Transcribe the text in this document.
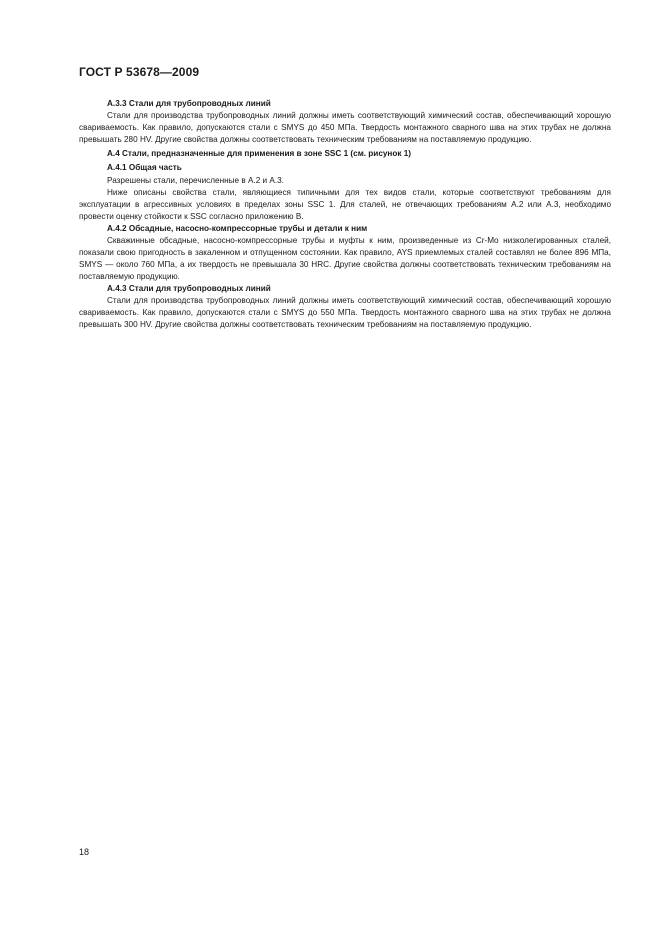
ГОСТ Р 53678—2009

А.3.3 Стали для трубопроводных линий

Стали для производства трубопроводных линий должны иметь соответствующий химический состав, обеспечивающий хорошую свариваемость. Как правило, допускаются стали с SMYS до 450 МПа. Твердость монтажного сварного шва на этих трубах не должна превышать 280 HV. Другие свойства должны соответствовать техническим требованиям на поставляемую продукцию.

А.4 Стали, предназначенные для применения в зоне SSC 1 (см. рисунок 1)

А.4.1 Общая часть

Разрешены стали, перечисленные в А.2 и А.3.

Ниже описаны свойства стали, являющиеся типичными для тех видов стали, которые соответствуют требованиям для эксплуатации в агрессивных условиях в пределах зоны SSC 1. Для сталей, не отвечающих требованиям А.2 или А.3, необходимо провести оценку стойкости к SSC согласно приложению В.

А.4.2 Обсадные, насосно-компрессорные трубы и детали к ним

Скважинные обсадные, насосно-компрессорные трубы и муфты к ним, произведенные из Cr-Mo низколегированных сталей, показали свою пригодность в закаленном и отпущенном состоянии. Как правило, AYS приемлемых сталей составлял не более 896 МПа, SMYS — около 760 МПа, а их твердость не превышала 30 HRC. Другие свойства должны соответствовать техническим требованиям на поставляемую продукцию.

А.4.3 Стали для трубопроводных линий

Стали для производства трубопроводных линий должны иметь соответствующий химический состав, обеспечивающий хорошую свариваемость. Как правило, допускаются стали с SMYS до 550 МПа. Твердость монтажного сварного шва на этих трубах не должна превышать 300 HV. Другие свойства должны соответствовать техническим требованиям на поставляемую продукцию.

18
